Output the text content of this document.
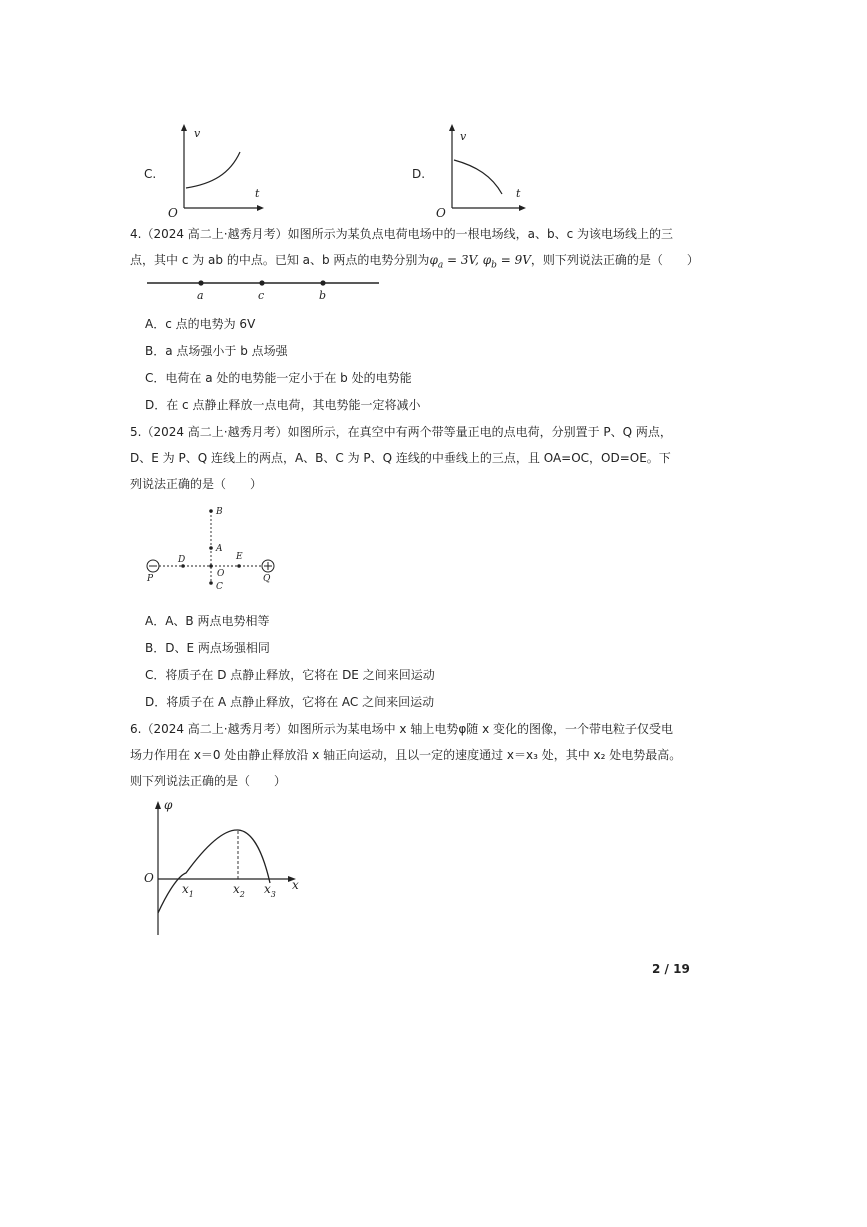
C.
v
t
O
D.
v
t
O
4.（2024 高二上·越秀月考）如图所示为某负点电荷电场中的一根电场线，a、b、c 为该电场线上的三
点，其中 c 为 ab 的中点。已知 a、b 两点的电势分别为$\varphi_a = 3V$, $\varphi_b = 9V$，则下列说法正确的是（　　）
a	c	b
A．c 点的电势为 6V
B．a 点场强小于 b 点场强
C．电荷在 a 处的电势能一定小于在 b 处的电势能
D．在 c 点静止释放一点电荷，其电势能一定将减小
5.（2024 高二上·越秀月考）如图所示，在真空中有两个带等量正电的点电荷，分别置于 P、Q 两点，
D、E 为 P、Q 连线上的两点，A、B、C 为 P、Q 连线的中垂线上的三点，且 OA=OC，OD=OE。下
列说法正确的是（　　）
B
A
D	E
P	O	Q
C
A．A、B 两点电势相等
B．D、E 两点场强相同
C．将质子在 D 点静止释放，它将在 DE 之间来回运动
D．将质子在 A 点静止释放，它将在 AC 之间来回运动
6.（2024 高二上·越秀月考）如图所示为某电场中 x 轴上电势φ随 x 变化的图像，一个带电粒子仅受电
场力作用在 x＝0 处由静止释放沿 x 轴正向运动，且以一定的速度通过 x＝x₃ 处，其中 x₂ 处电势最高。
则下列说法正确的是（　　）
φ
O	x
$x_1$	$x_2$ $x_3$
2 / 19
